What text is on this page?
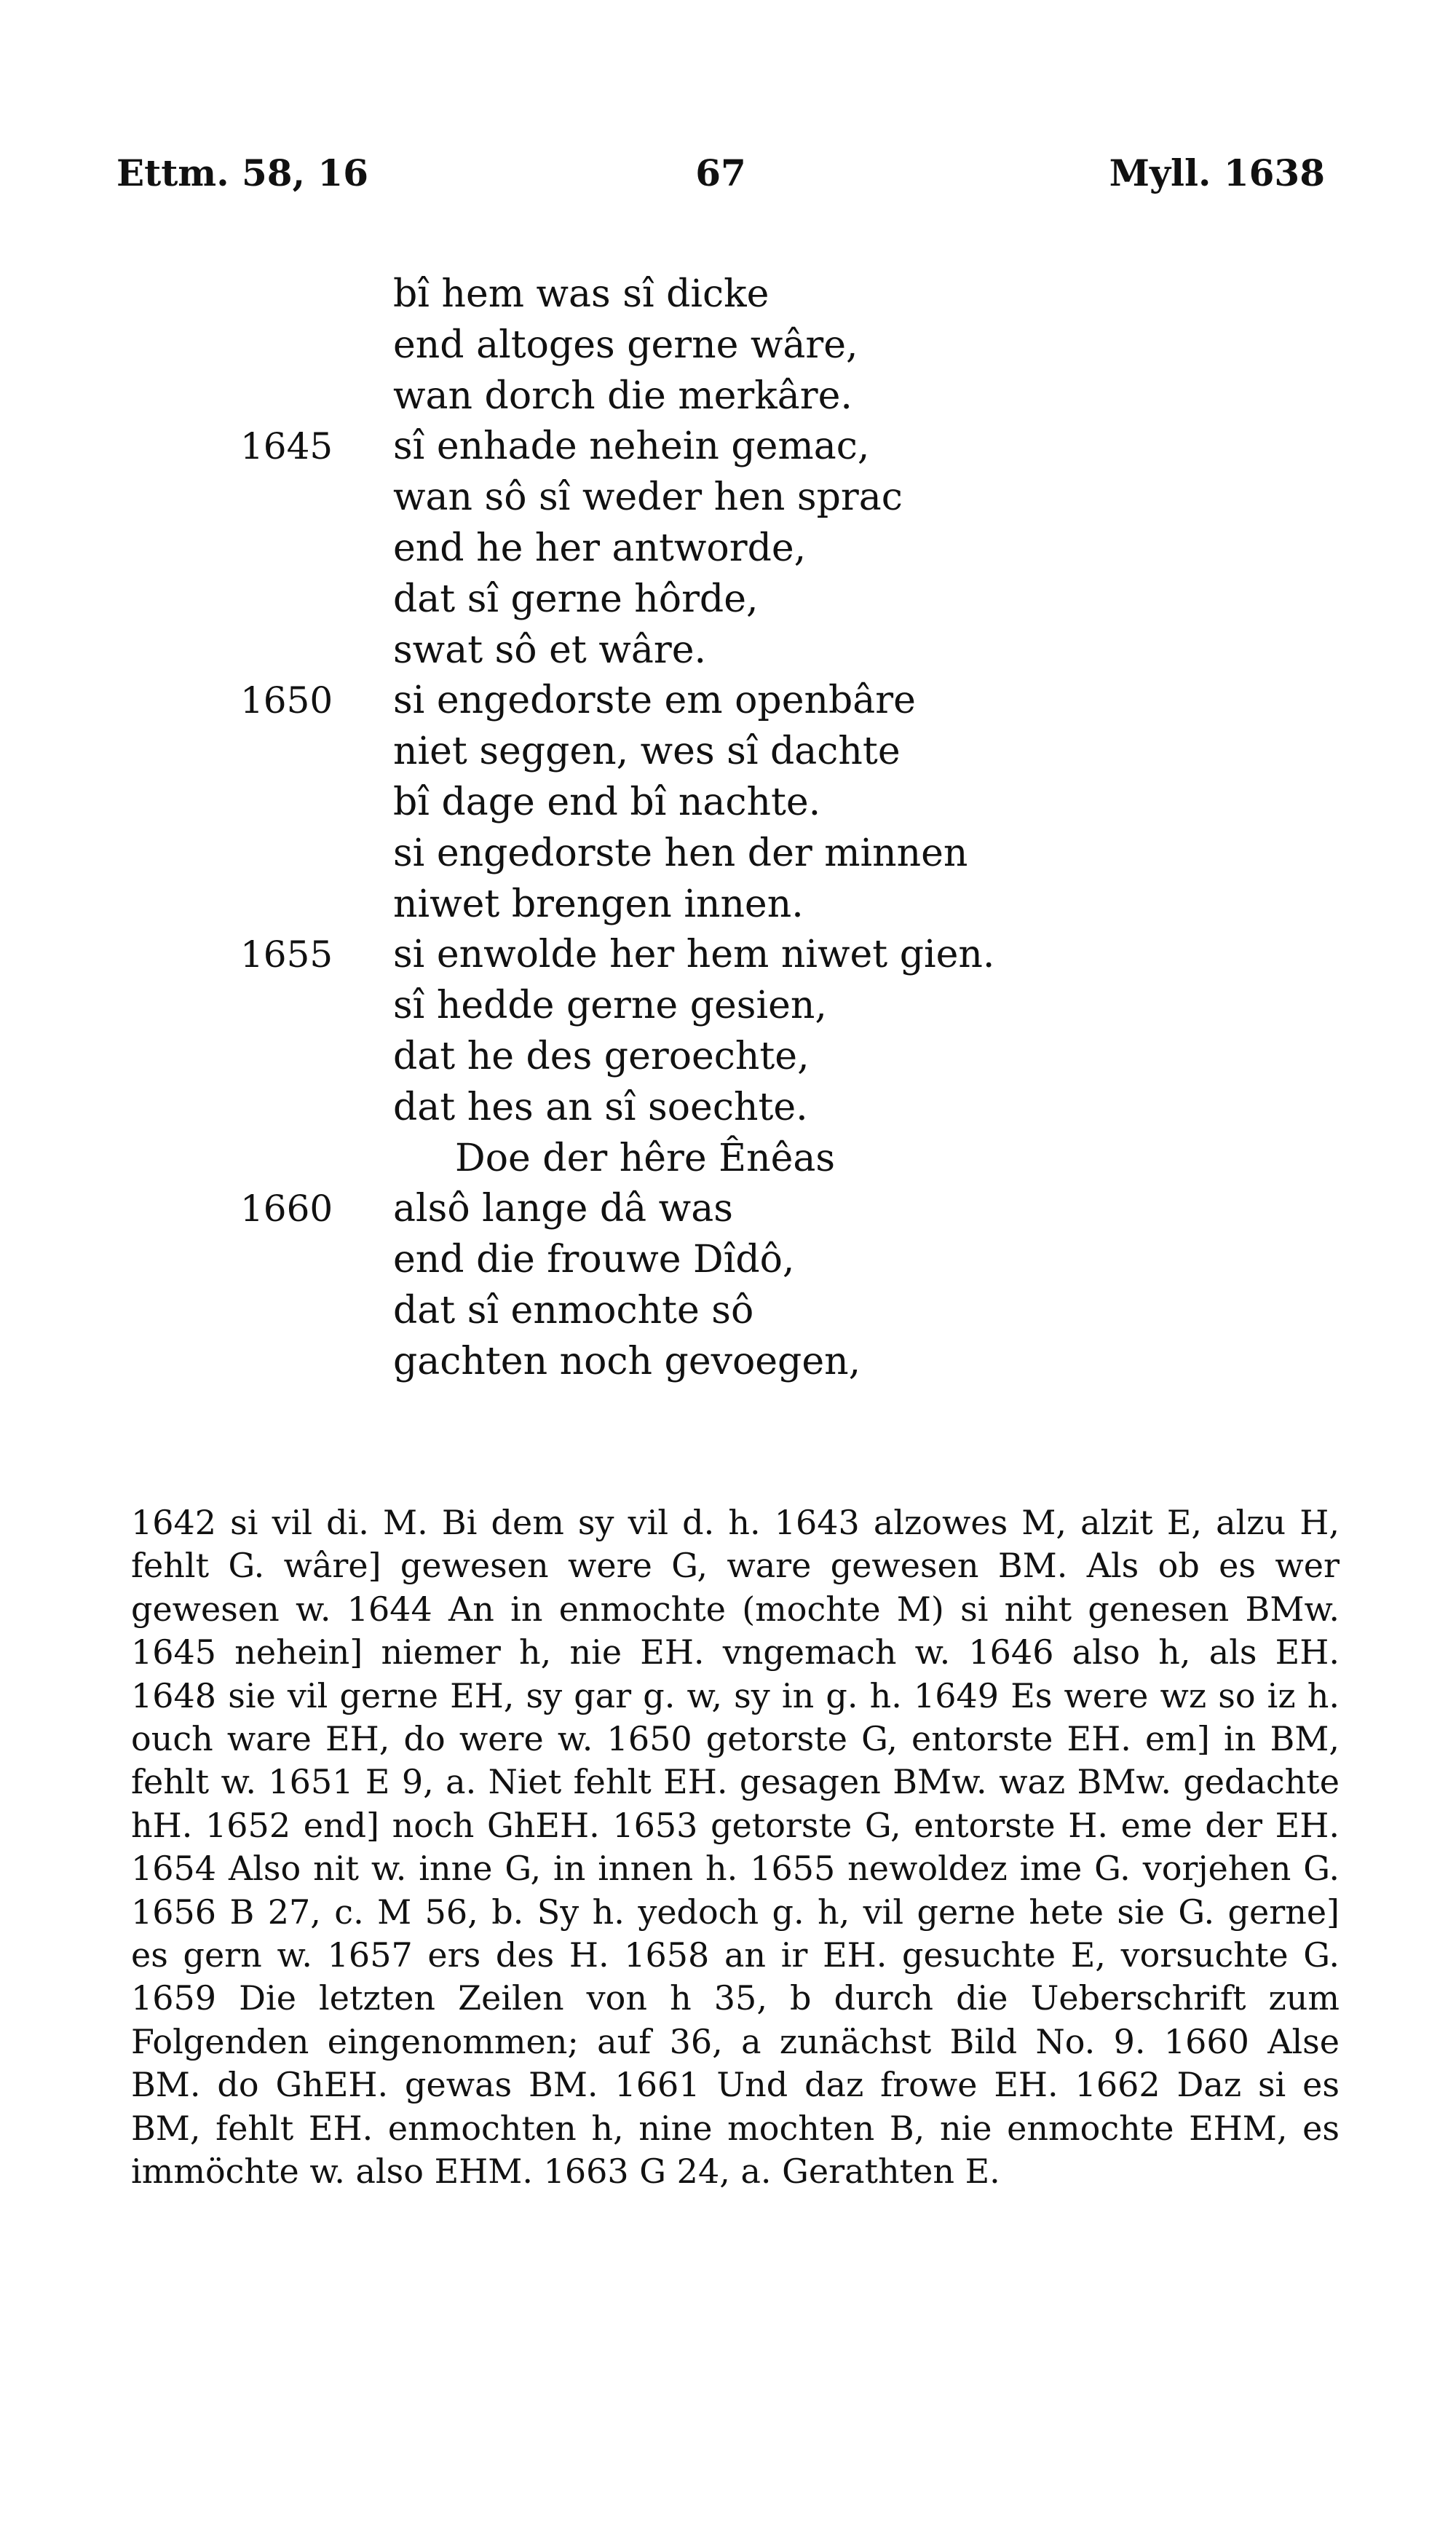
Ettm. 58, 16	67	Myll. 1638
bî hem was sî dicke
end altoges gerne wâre,
wan dorch die merkâre.
1645 sî enhade nehein gemac,
wan sô sî weder hen sprac
end he her antworde,
dat sî gerne hôrde,
swat sô et wâre.
1650 si engedorste em openbâre
niet seggen, wes sî dachte
bî dage end bî nachte.
si engedorste hen der minnen
niwet brengen innen.
1655 si enwolde her hem niwet gien.
sî hedde gerne gesien,
dat he des geroechte,
dat hes an sî soechte.
Doe der hêre Ênêas
1660 alsô lange dâ was
end die frouwe Dîdô,
dat sî enmochte sô
gachten noch gevoegen,
1642 si vil di. M. Bi dem sy vil d. h. 1643 alzowes M, alzit E, alzu H, fehlt G. wâre] gewesen were G, ware gewesen BM. Als ob es wer gewesen w. 1644 An in enmochte (mochte M) si niht genesen BMw. 1645 nehein] niemer h, nie EH. vngemach w. 1646 also h, als EH. 1648 sie vil gerne EH, sy gar g. w, sy in g. h. 1649 Es were wz so iz h. ouch ware EH, do were w. 1650 getorste G, entorste EH. em] in BM, fehlt w. 1651 E 9, a. Niet fehlt EH. gesagen BMw. waz BMw. gedachte hH. 1652 end] noch GhEH. 1653 getorste G, entorste H. eme der EH. 1654 Also nit w. inne G, in innen h. 1655 newoldez ime G. vorjehen G. 1656 B 27, c. M 56, b. Sy h. yedoch g. h, vil gerne hete sie G. gerne] es gern w. 1657 ers des H. 1658 an ir EH. gesuchte E, vorsuchte G. 1659 Die letzten Zeilen von h 35, b durch die Ueberschrift zum Folgenden eingenommen; auf 36, a zunächst Bild No. 9. 1660 Alse BM. do GhEH. gewas BM. 1661 Und daz frowe EH. 1662 Daz si es BM, fehlt EH. enmochten h, nine mochten B, nie enmochte EHM, es immöchte w. also EHM. 1663 G 24, a. Gerathten E.
